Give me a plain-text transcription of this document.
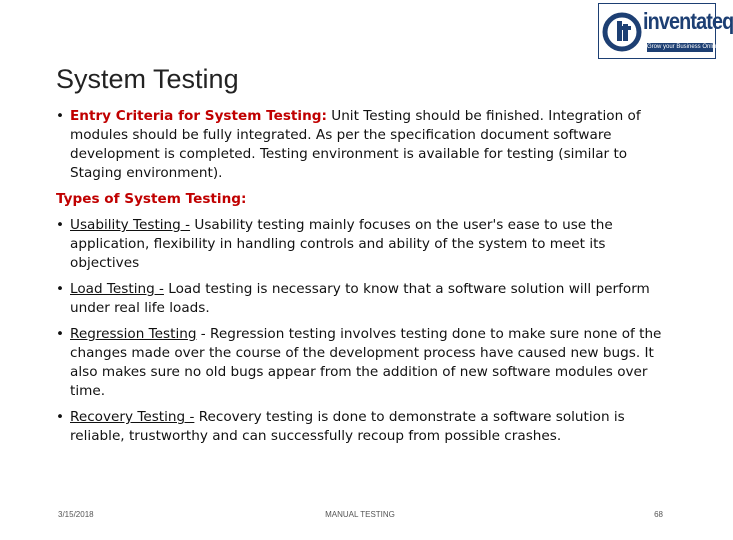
inventateq
Grow your Business Online
System Testing
• Entry Criteria for System Testing: Unit Testing should be finished. Integration of modules should be fully integrated. As per the specification document software development is completed. Testing environment is available for testing (similar to Staging environment).
Types of System Testing:
• Usability Testing - Usability testing mainly focuses on the user's ease to use the application, flexibility in handling controls and ability of the system to meet its objectives
• Load Testing - Load testing is necessary to know that a software solution will perform under real life loads.
• Regression Testing - Regression testing involves testing done to make sure none of the changes made over the course of the development process have caused new bugs. It also makes sure no old bugs appear from the addition of new software modules over time.
• Recovery Testing - Recovery testing is done to demonstrate a software solution is reliable, trustworthy and can successfully recoup from possible crashes.
3/15/2018	MANUAL TESTING	68
